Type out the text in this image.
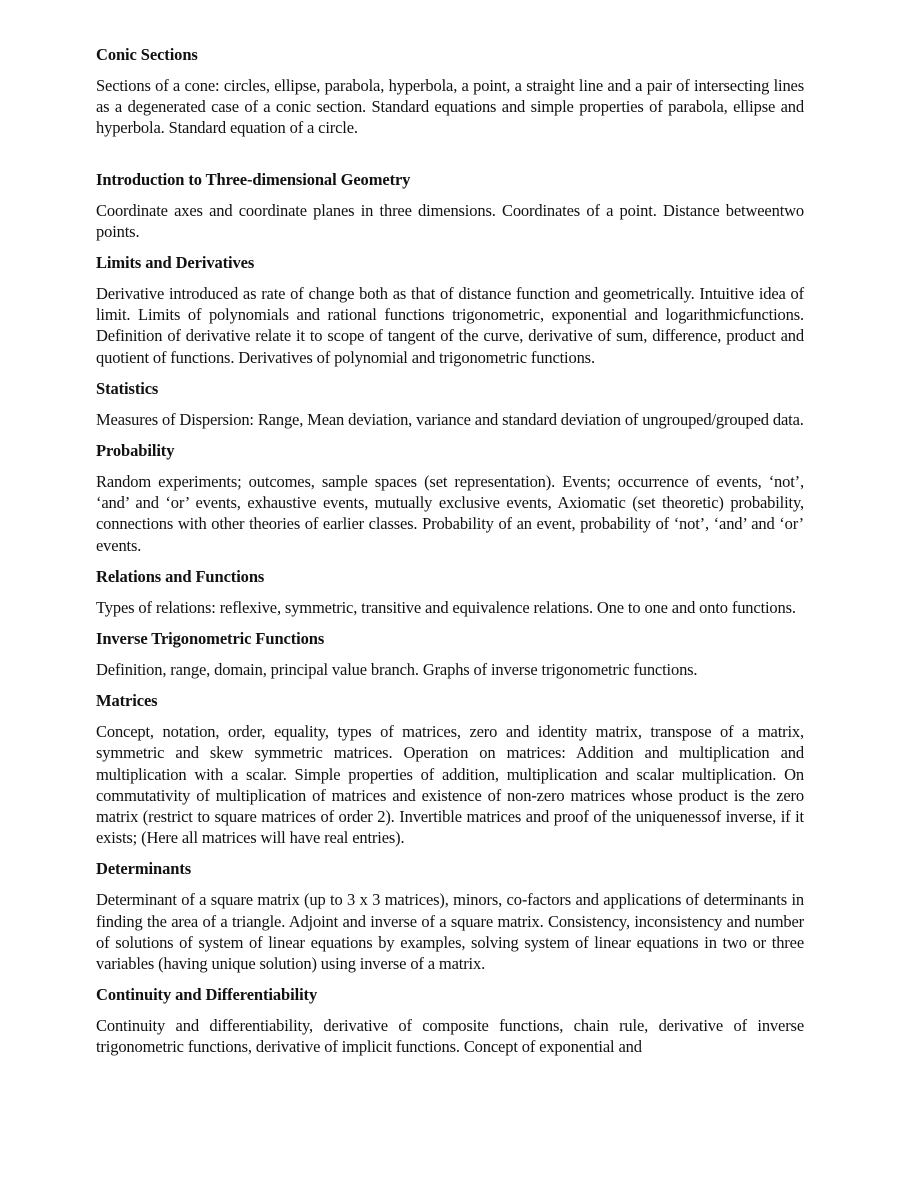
Conic Sections

Sections of a cone: circles, ellipse, parabola, hyperbola, a point, a straight line and a pair of intersecting lines as a degenerated case of a conic section. Standard equations and simple properties of parabola, ellipse and hyperbola. Standard equation of a circle.

Introduction to Three-dimensional Geometry

Coordinate axes and coordinate planes in three dimensions. Coordinates of a point. Distance betweentwo points.

Limits and Derivatives

Derivative introduced as rate of change both as that of distance function and geometrically. Intuitive idea of limit. Limits of polynomials and rational functions trigonometric, exponential and logarithmicfunctions. Definition of derivative relate it to scope of tangent of the curve, derivative of sum, difference, product and quotient of functions. Derivatives of polynomial and trigonometric functions.

Statistics

Measures of Dispersion: Range, Mean deviation, variance and standard deviation of ungrouped/grouped data.

Probability

Random experiments; outcomes, sample spaces (set representation). Events; occurrence of events, ‘not’, ‘and’ and ‘or’ events, exhaustive events, mutually exclusive events, Axiomatic (set theoretic) probability, connections with other theories of earlier classes. Probability of an event, probability of ‘not’, ‘and’ and ‘or’ events.

Relations and Functions

Types of relations: reflexive, symmetric, transitive and equivalence relations. One to one and onto functions.

Inverse Trigonometric Functions

Definition, range, domain, principal value branch. Graphs of inverse trigonometric functions.

Matrices

Concept, notation, order, equality, types of matrices, zero and identity matrix, transpose of a matrix, symmetric and skew symmetric matrices. Operation on matrices: Addition and multiplication and multiplication with a scalar. Simple properties of addition, multiplication and scalar multiplication. On commutativity of multiplication of matrices and existence of non-zero matrices whose product is the zero matrix (restrict to square matrices of order 2). Invertible matrices and proof of the uniquenessof inverse, if it exists; (Here all matrices will have real entries).

Determinants

Determinant of a square matrix (up to 3 x 3 matrices), minors, co-factors and applications of determinants in finding the area of a triangle. Adjoint and inverse of a square matrix. Consistency, inconsistency and number of solutions of system of linear equations by examples, solving system of linear equations in two or three variables (having unique solution) using inverse of a matrix.

Continuity and Differentiability

Continuity and differentiability, derivative of composite functions, chain rule, derivative of inverse trigonometric functions, derivative of implicit functions. Concept of exponential and
